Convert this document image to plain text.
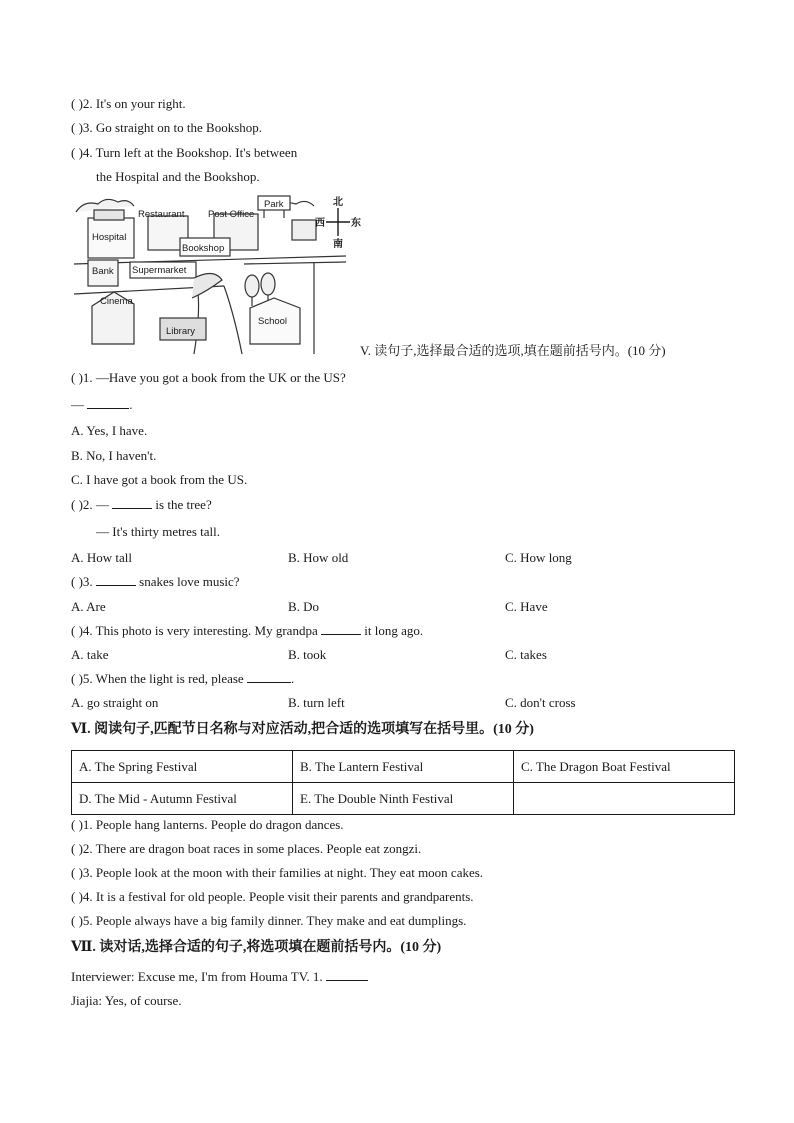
( )2. It's on your right.
( )3. Go straight on to the Bookshop.
( )4. Turn left at the Bookshop. It's between
the Hospital and the Bookshop.
Restaurant Post Office
Park
Hospital
Bookshop
Bank Supermarket
Cinema
Library
School
北
南
西	东
V. 读句子,选择最合适的选项,填在题前括号内。(10 分)
( )1. —Have you got a book from the UK or the US?
—	.
A. Yes, I have.
B. No, I haven't.
C. I have got a book from the US.
( )2. —	is the tree?
— It's thirty metres tall.
A. How tall	B. How old	C. How long
( )3.	snakes love music?
A. Are	B. Do	C. Have
( )4. This photo is very interesting. My grandpa	it long ago.
A. take	B. took	C. takes
( )5. When the light is red, please	.
A. go straight on	B. turn left	C. don't cross
Ⅵ. 阅读句子,匹配节日名称与对应活动,把合适的选项填写在括号里。(10 分)
A. The Spring Festival	B. The Lantern Festival	C. The Dragon Boat Festival
D. The Mid - Autumn Festival	E. The Double Ninth Festival	
( )1. People hang lanterns. People do dragon dances.
( )2. There are dragon boat races in some places. People eat zongzi.
( )3. People look at the moon with their families at night. They eat moon cakes.
( )4. It is a festival for old people. People visit their parents and grandparents.
( )5. People always have a big family dinner. They make and eat dumplings.
Ⅶ. 读对话,选择合适的句子,将选项填在题前括号内。(10 分)
Interviewer: Excuse me, I'm from Houma TV. 1.
Jiajia: Yes, of course.
